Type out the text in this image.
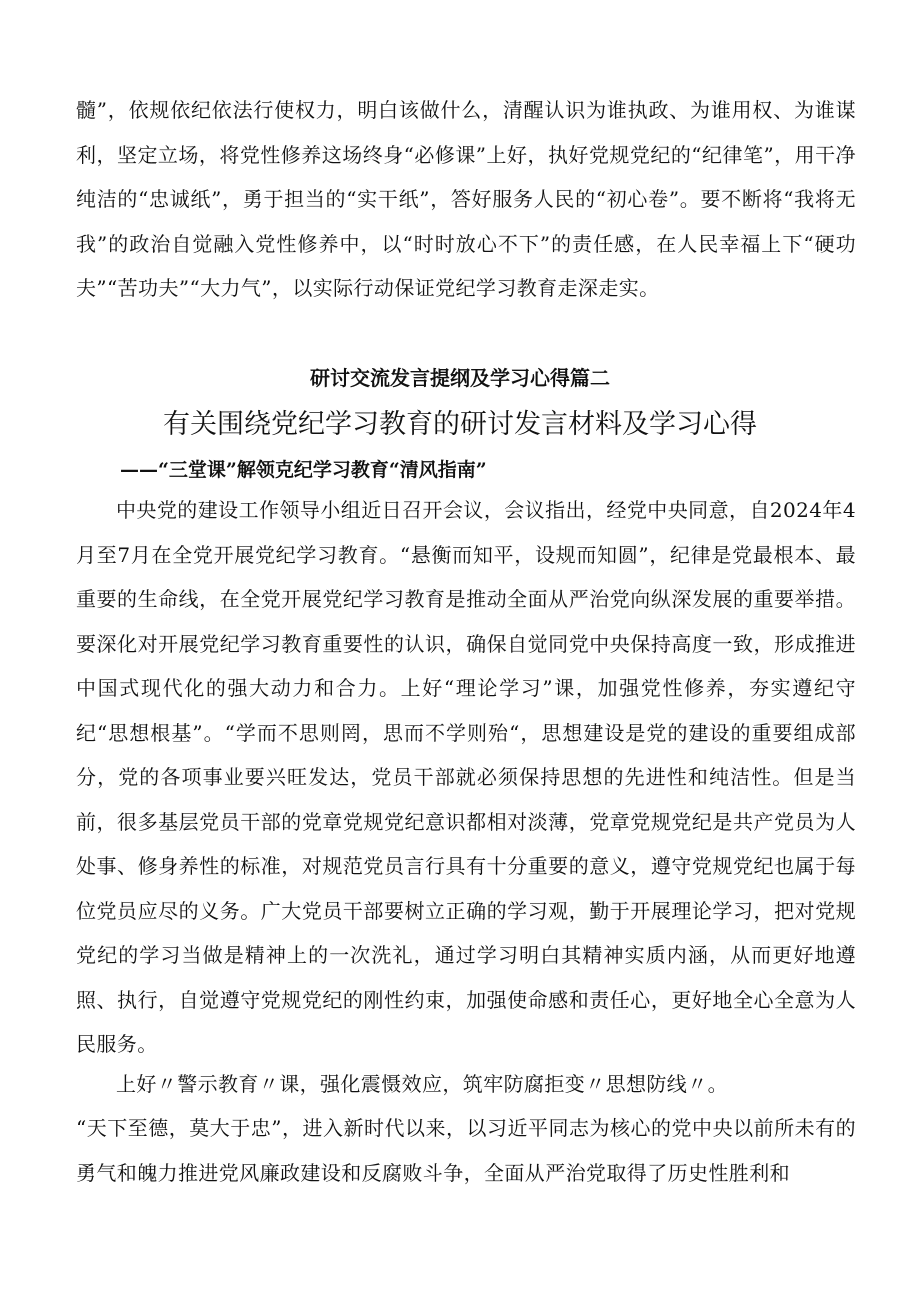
髓”，依规依纪依法行使权力，明白该做什么，清醒认识为谁执政、为谁用权、为谁谋利，坚定立场，将党性修养这场终身“必修课”上好，执好党规党纪的“纪律笔”，用干净纯洁的“忠诚纸”，勇于担当的“实干纸”，答好服务人民的“初心卷”。要不断将“我将无我”的政治自觉融入党性修养中，以“时时放心不下”的责任感，在人民幸福上下“硬功夫”“苦功夫”“大力气”，以实际行动保证党纪学习教育走深走实。

研讨交流发言提纲及学习心得篇二

有关围绕党纪学习教育的研讨发言材料及学习心得

——“三堂课”解领克纪学习教育“清风指南”

中央党的建设工作领导小组近日召开会议，会议指出，经党中央同意，自2024年4月至7月在全党开展党纪学习教育。“悬衡而知平，设规而知圆”，纪律是党最根本、最重要的生命线，在全党开展党纪学习教育是推动全面从严治党向纵深发展的重要举措。要深化对开展党纪学习教育重要性的认识，确保自觉同党中央保持高度一致，形成推进中国式现代化的强大动力和合力。上好“理论学习”课，加强党性修养，夯实遵纪守纪“思想根基”。“学而不思则罔，思而不学则殆“，思想建设是党的建设的重要组成部分，党的各项事业要兴旺发达，党员干部就必须保持思想的先进性和纯洁性。但是当前，很多基层党员干部的党章党规党纪意识都相对淡薄，党章党规党纪是共产党员为人处事、修身养性的标准，对规范党员言行具有十分重要的意义，遵守党规党纪也属于每位党员应尽的义务。广大党员干部要树立正确的学习观，勤于开展理论学习，把对党规党纪的学习当做是精神上的一次洗礼，通过学习明白其精神实质内涵，从而更好地遵照、执行，自觉遵守党规党纪的刚性约束，加强使命感和责任心，更好地全心全意为人民服务。

上好〃警示教育〃课，强化震慑效应，筑牢防腐拒变〃思想防线〃。

“天下至德，莫大于忠”，进入新时代以来，以习近平同志为核心的党中央以前所未有的勇气和魄力推进党风廉政建设和反腐败斗争，全面从严治党取得了历史性胜利和
